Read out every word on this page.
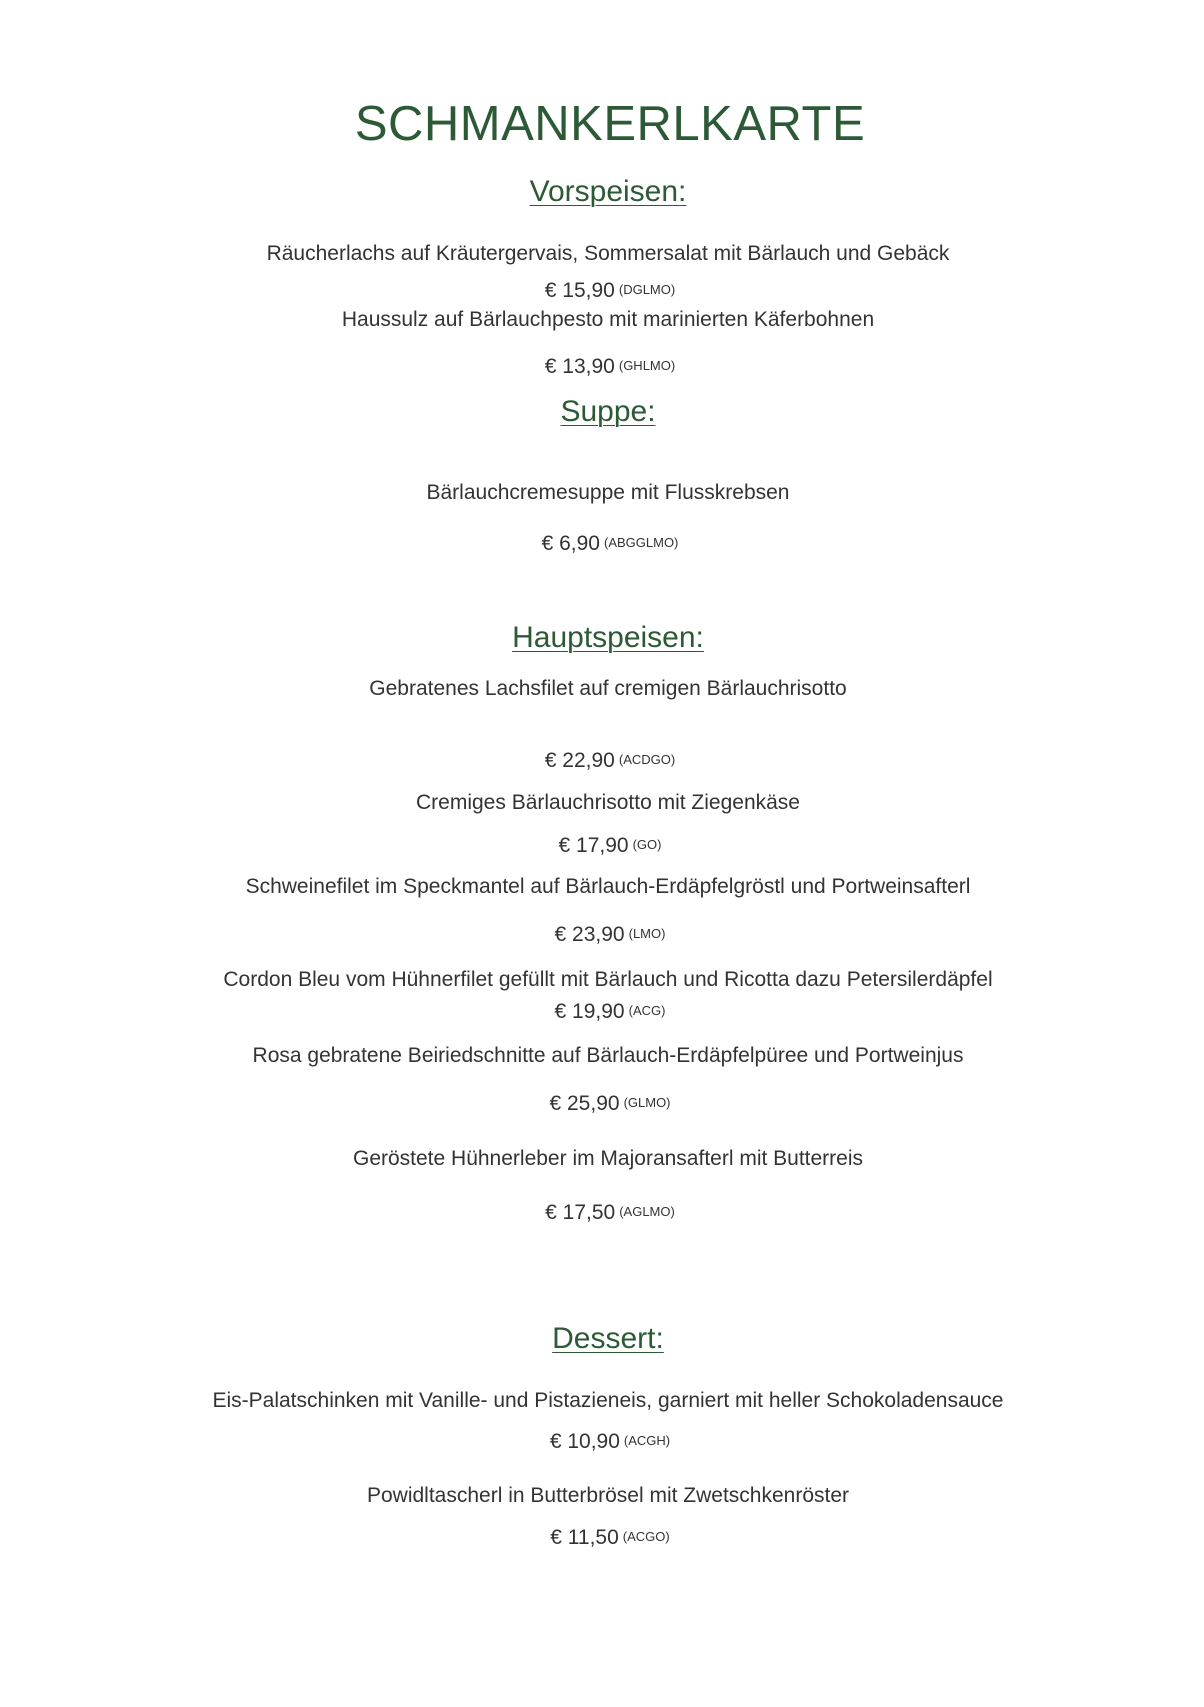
SCHMANKERLKARTE
Vorspeisen:
Räucherlachs auf Kräutergervais, Sommersalat mit Bärlauch und Gebäck
€ 15,90 (DGLMO)
Haussulz auf Bärlauchpesto mit marinierten Käferbohnen
€ 13,90 (GHLMO)
Suppe:
Bärlauchcremesuppe mit Flusskrebsen
€ 6,90 (ABGGLMO)
Hauptspeisen:
Gebratenes Lachsfilet auf cremigen Bärlauchrisotto
€ 22,90 (ACDGO)
Cremiges Bärlauchrisotto mit Ziegenkäse
€ 17,90 (GO)
Schweinefilet im Speckmantel auf Bärlauch-Erdäpfelgröstl und Portweinsafterl
€ 23,90 (LMO)
Cordon Bleu vom Hühnerfilet gefüllt mit Bärlauch und Ricotta dazu Petersilerdäpfel
€ 19,90 (ACG)
Rosa gebratene Beiriedschnitte auf Bärlauch-Erdäpfelpüree und Portweinjus
€ 25,90 (GLMO)
Geröstete Hühnerleber im Majoransafterl mit Butterreis
€ 17,50 (AGLMO)
Dessert:
Eis-Palatschinken mit Vanille- und Pistazieneis, garniert mit heller Schokoladensauce
€ 10,90 (ACGH)
Powidltascherl in Butterbrösel mit Zwetschkenröster
€ 11,50 (ACGO)
